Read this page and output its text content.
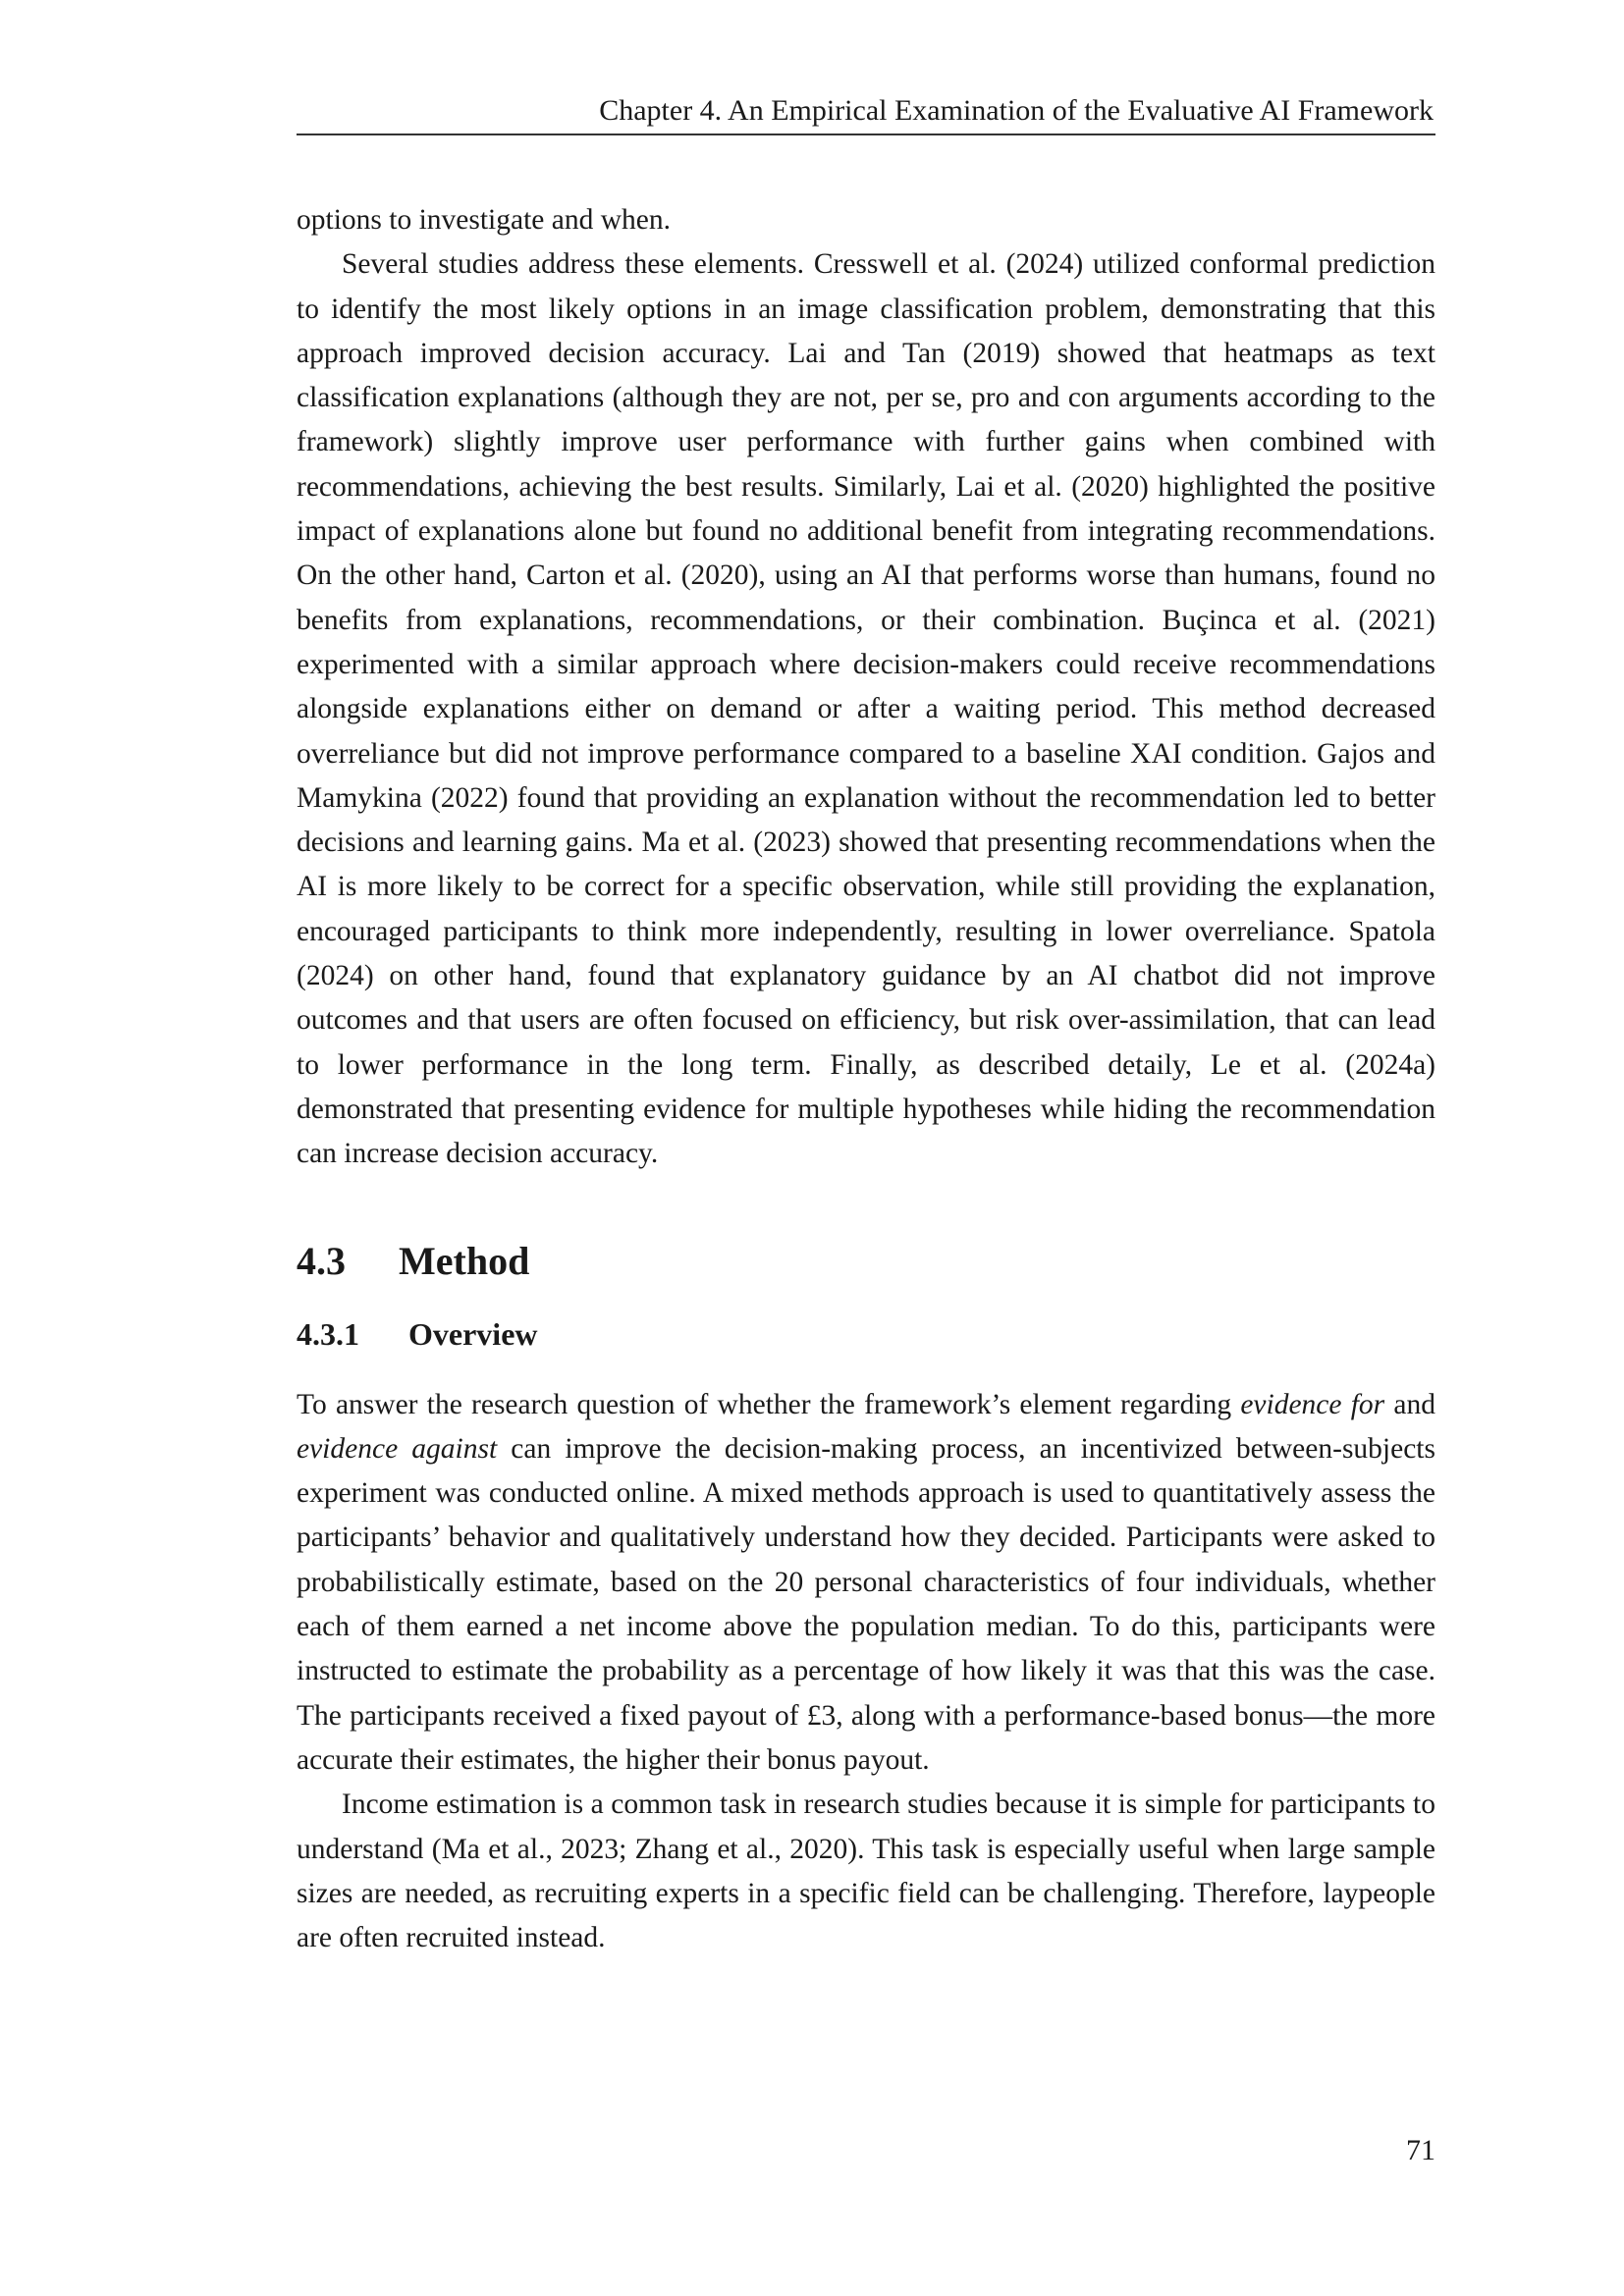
Chapter 4. An Empirical Examination of the Evaluative AI Framework

options to investigate and when.

Several studies address these elements. Cresswell et al. (2024) utilized conformal prediction to identify the most likely options in an image classification problem, demonstrating that this approach improved decision accuracy. Lai and Tan (2019) showed that heatmaps as text classification explanations (although they are not, per se, pro and con arguments according to the framework) slightly improve user performance with further gains when combined with recommendations, achieving the best results. Similarly, Lai et al. (2020) highlighted the positive impact of explanations alone but found no additional benefit from integrating recommendations. On the other hand, Carton et al. (2020), using an AI that performs worse than humans, found no benefits from explanations, recommendations, or their combination. Buçinca et al. (2021) experimented with a similar approach where decision-makers could receive recommendations alongside explanations either on demand or after a waiting period. This method decreased overreliance but did not improve performance compared to a baseline XAI condition. Gajos and Mamykina (2022) found that providing an explanation without the recommendation led to better decisions and learning gains. Ma et al. (2023) showed that presenting recommendations when the AI is more likely to be correct for a specific observation, while still providing the explanation, encouraged participants to think more independently, resulting in lower overreliance. Spatola (2024) on other hand, found that explanatory guidance by an AI chatbot did not improve outcomes and that users are often focused on efficiency, but risk over-assimilation, that can lead to lower performance in the long term. Finally, as described detaily, Le et al. (2024a) demonstrated that presenting evidence for multiple hypotheses while hiding the recommendation can increase decision accuracy.

4.3	Method
4.3.1	Overview

To answer the research question of whether the framework’s element regarding evidence for and evidence against can improve the decision-making process, an incentivized between-subjects experiment was conducted online. A mixed methods approach is used to quantitatively assess the participants’ behavior and qualitatively understand how they decided. Participants were asked to probabilistically estimate, based on the 20 personal characteristics of four individuals, whether each of them earned a net income above the population median. To do this, participants were instructed to estimate the probability as a percentage of how likely it was that this was the case. The participants received a fixed payout of £3, along with a performance-based bonus—the more accurate their estimates, the higher their bonus payout.

Income estimation is a common task in research studies because it is simple for participants to understand (Ma et al., 2023; Zhang et al., 2020). This task is especially useful when large sample sizes are needed, as recruiting experts in a specific field can be challenging. Therefore, laypeople are often recruited instead.

71
